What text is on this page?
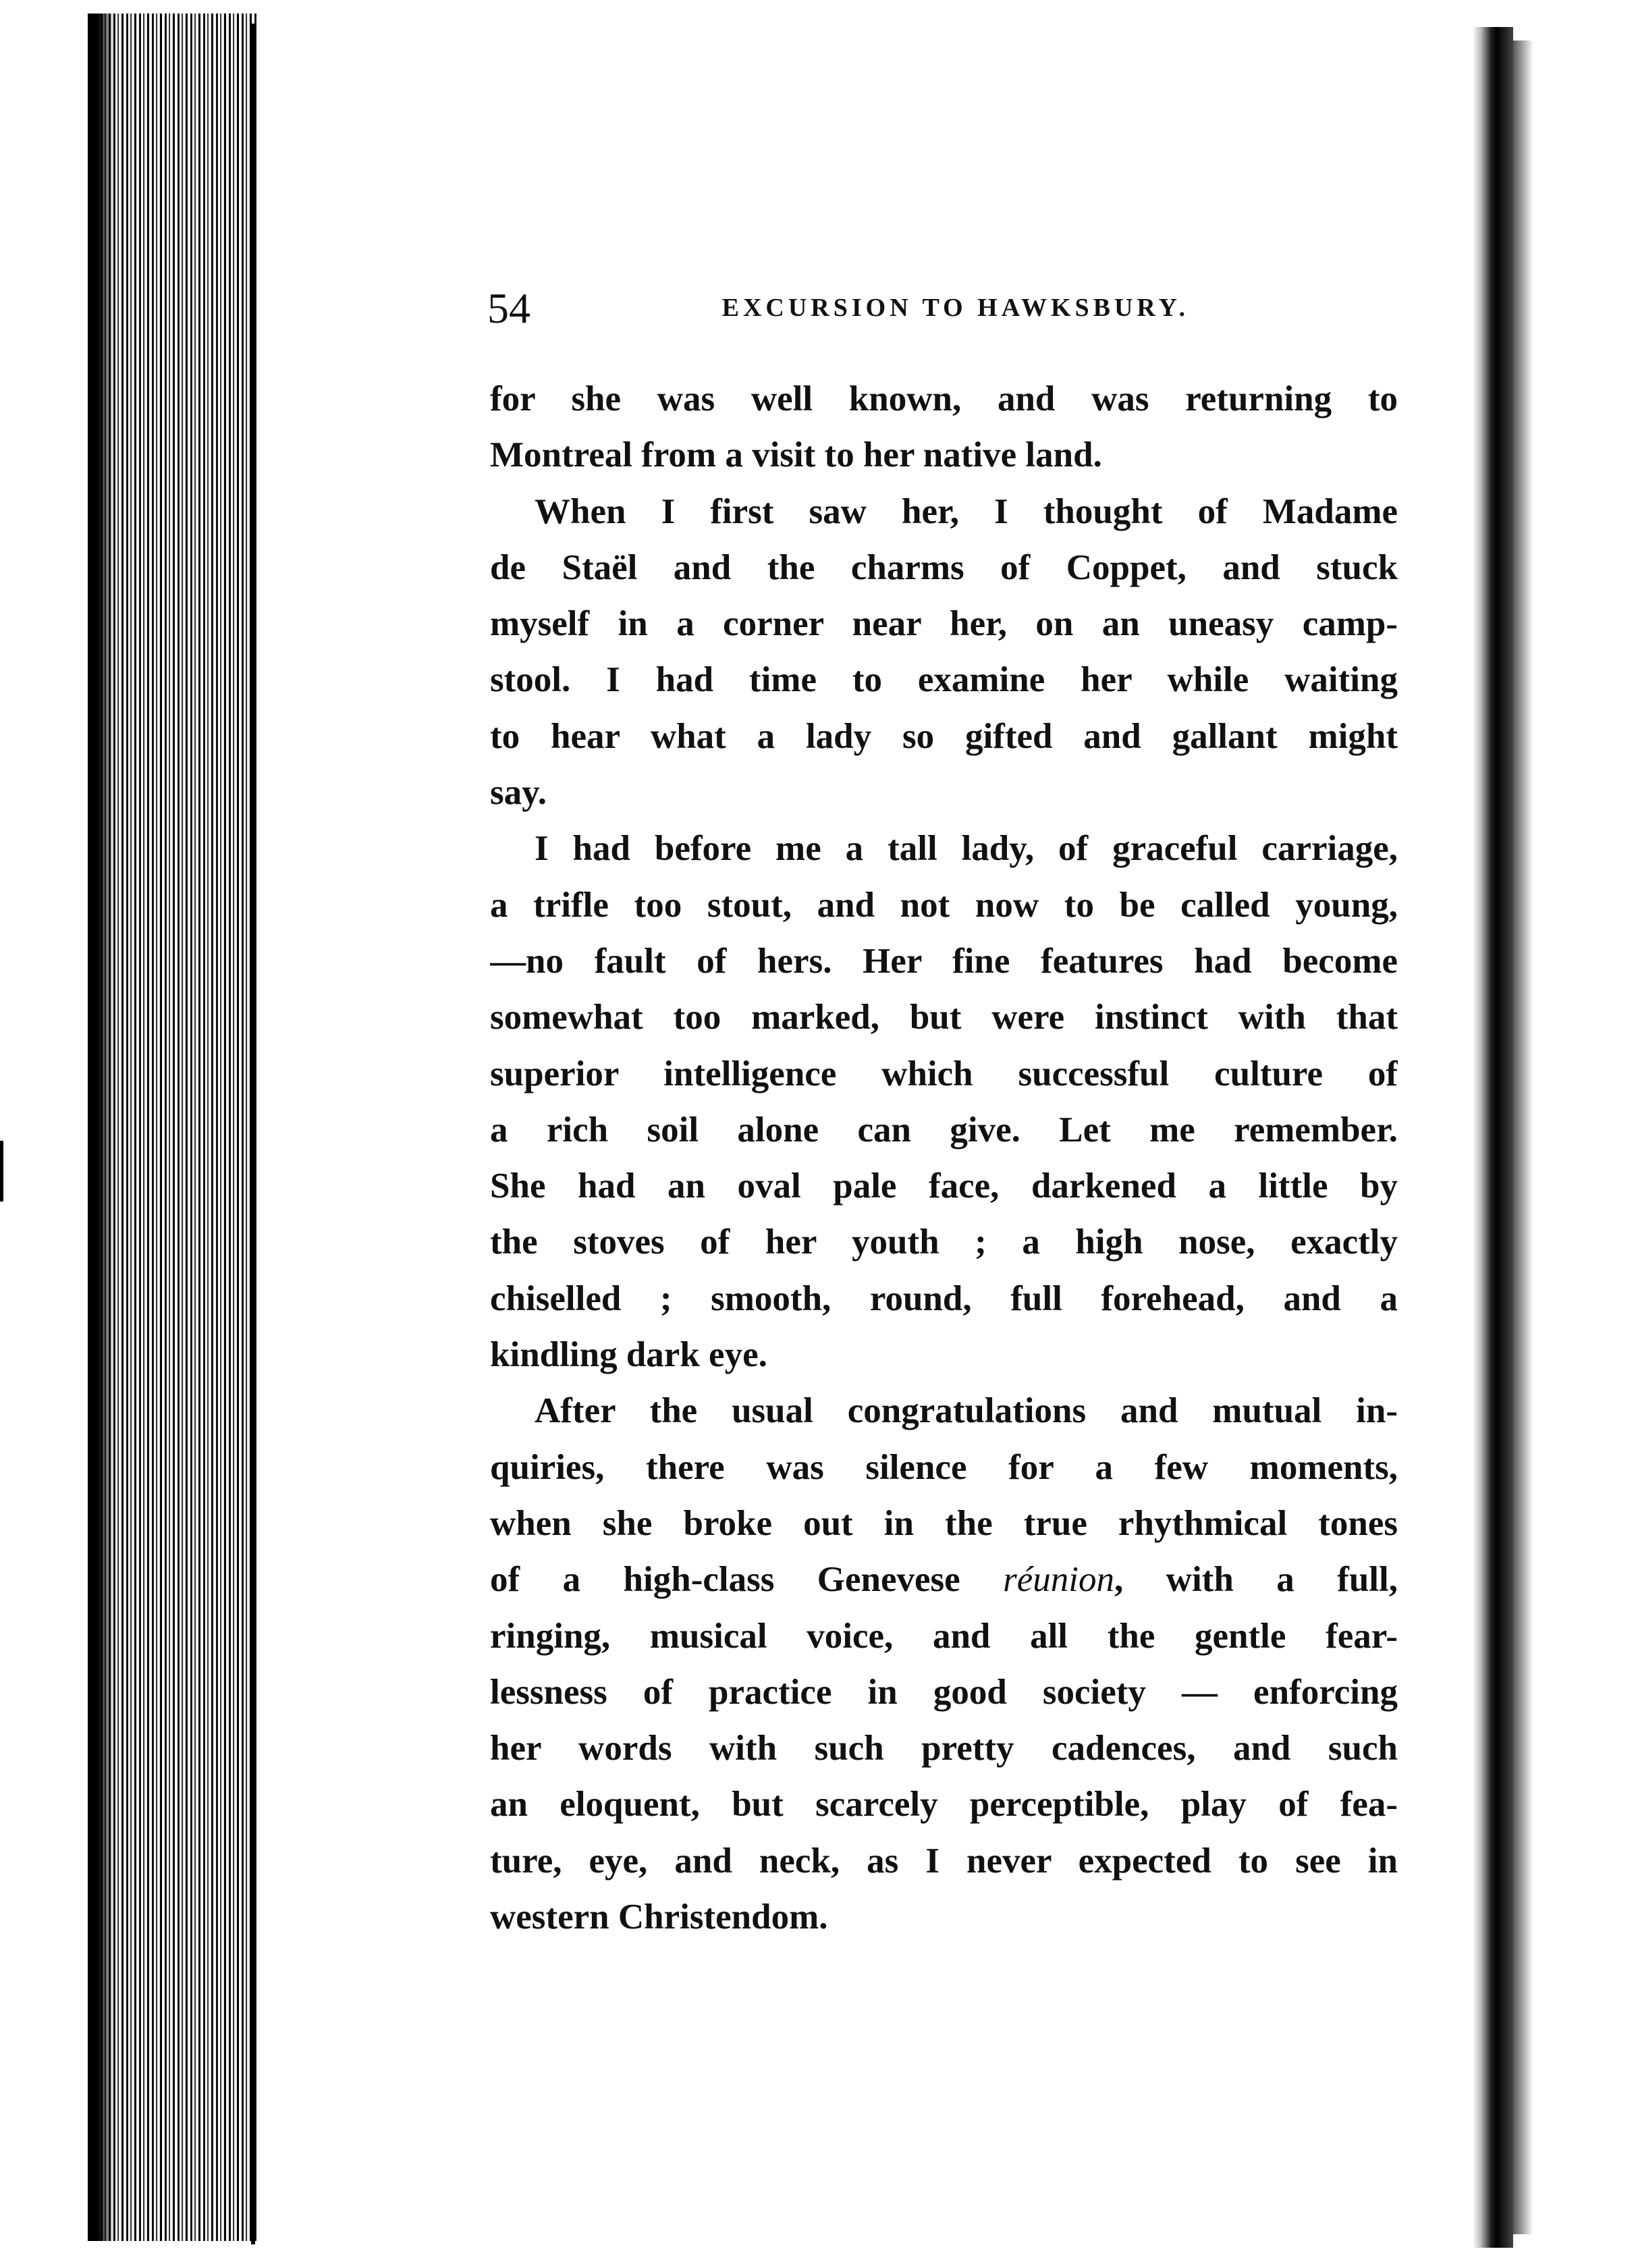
54	EXCURSION TO HAWKSBURY.
for she was well known, and was returning to
Montreal from a visit to her native land.
When I first saw her, I thought of Madame
de Staël and the charms of Coppet, and stuck
myself in a corner near her, on an uneasy camp-
stool. I had time to examine her while waiting
to hear what a lady so gifted and gallant might
say.
I had before me a tall lady, of graceful carriage,
a trifle too stout, and not now to be called young,
—no fault of hers. Her fine features had become
somewhat too marked, but were instinct with that
superior intelligence which successful culture of
a rich soil alone can give. Let me remember.
She had an oval pale face, darkened a little by
the stoves of her youth ; a high nose, exactly
chiselled ; smooth, round, full forehead, and a
kindling dark eye.
After the usual congratulations and mutual in-
quiries, there was silence for a few moments,
when she broke out in the true rhythmical tones
of a high-class Genevese réunion, with a full,
ringing, musical voice, and all the gentle fear-
lessness of practice in good society — enforcing
her words with such pretty cadences, and such
an eloquent, but scarcely perceptible, play of fea-
ture, eye, and neck, as I never expected to see in
western Christendom.
